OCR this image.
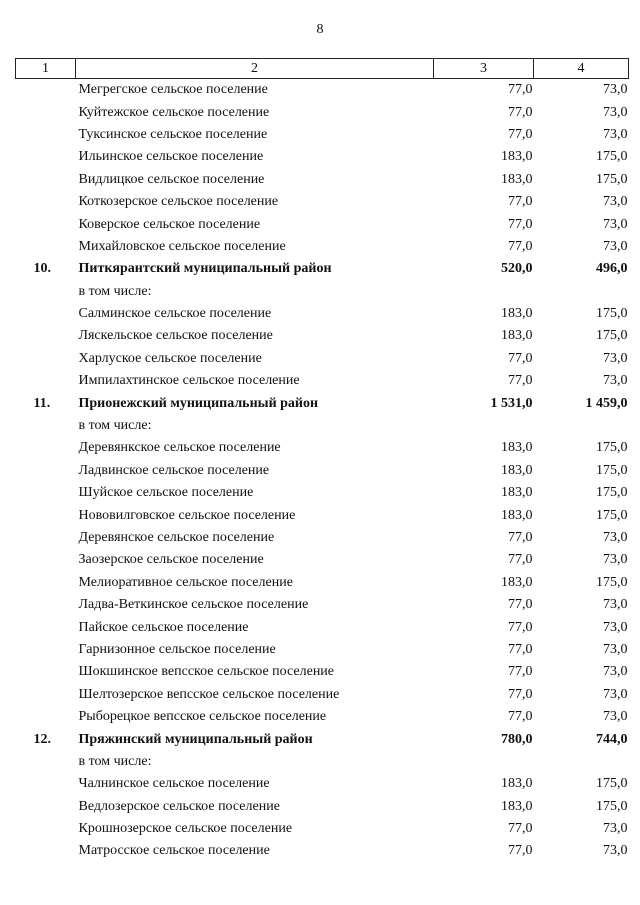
8
1	2	3	4
	Мегрегское сельское поселение	77,0	73,0
	Куйтежское сельское поселение	77,0	73,0
	Туксинское сельское поселение	77,0	73,0
	Ильинское сельское поселение	183,0	175,0
	Видлицкое сельское поселение	183,0	175,0
	Коткозерское сельское поселение	77,0	73,0
	Коверское сельское поселение	77,0	73,0
	Михайловское сельское поселение	77,0	73,0
10.	Питкярантский муниципальный район	520,0	496,0
	в том числе:		
	Салминское сельское поселение	183,0	175,0
	Ляскельское сельское поселение	183,0	175,0
	Харлуское сельское поселение	77,0	73,0
	Импилахтинское сельское поселение	77,0	73,0
11.	Прионежский муниципальный район	1 531,0	1 459,0
	в том числе:		
	Деревянкское сельское поселение	183,0	175,0
	Ладвинское сельское поселение	183,0	175,0
	Шуйское сельское поселение	183,0	175,0
	Нововилговское сельское поселение	183,0	175,0
	Деревянское сельское поселение	77,0	73,0
	Заозерское сельское поселение	77,0	73,0
	Мелиоративное сельское поселение	183,0	175,0
	Ладва-Веткинское сельское поселение	77,0	73,0
	Пайское сельское поселение	77,0	73,0
	Гарнизонное сельское поселение	77,0	73,0
	Шокшинское вепсское сельское поселение	77,0	73,0
	Шелтозерское вепсское сельское поселение	77,0	73,0
	Рыборецкое вепсское сельское поселение	77,0	73,0
12.	Пряжинский муниципальный район	780,0	744,0
	в том числе:		
	Чалнинское сельское поселение	183,0	175,0
	Ведлозерское сельское поселение	183,0	175,0
	Крошнозерское сельское поселение	77,0	73,0
	Матросское сельское поселение	77,0	73,0
